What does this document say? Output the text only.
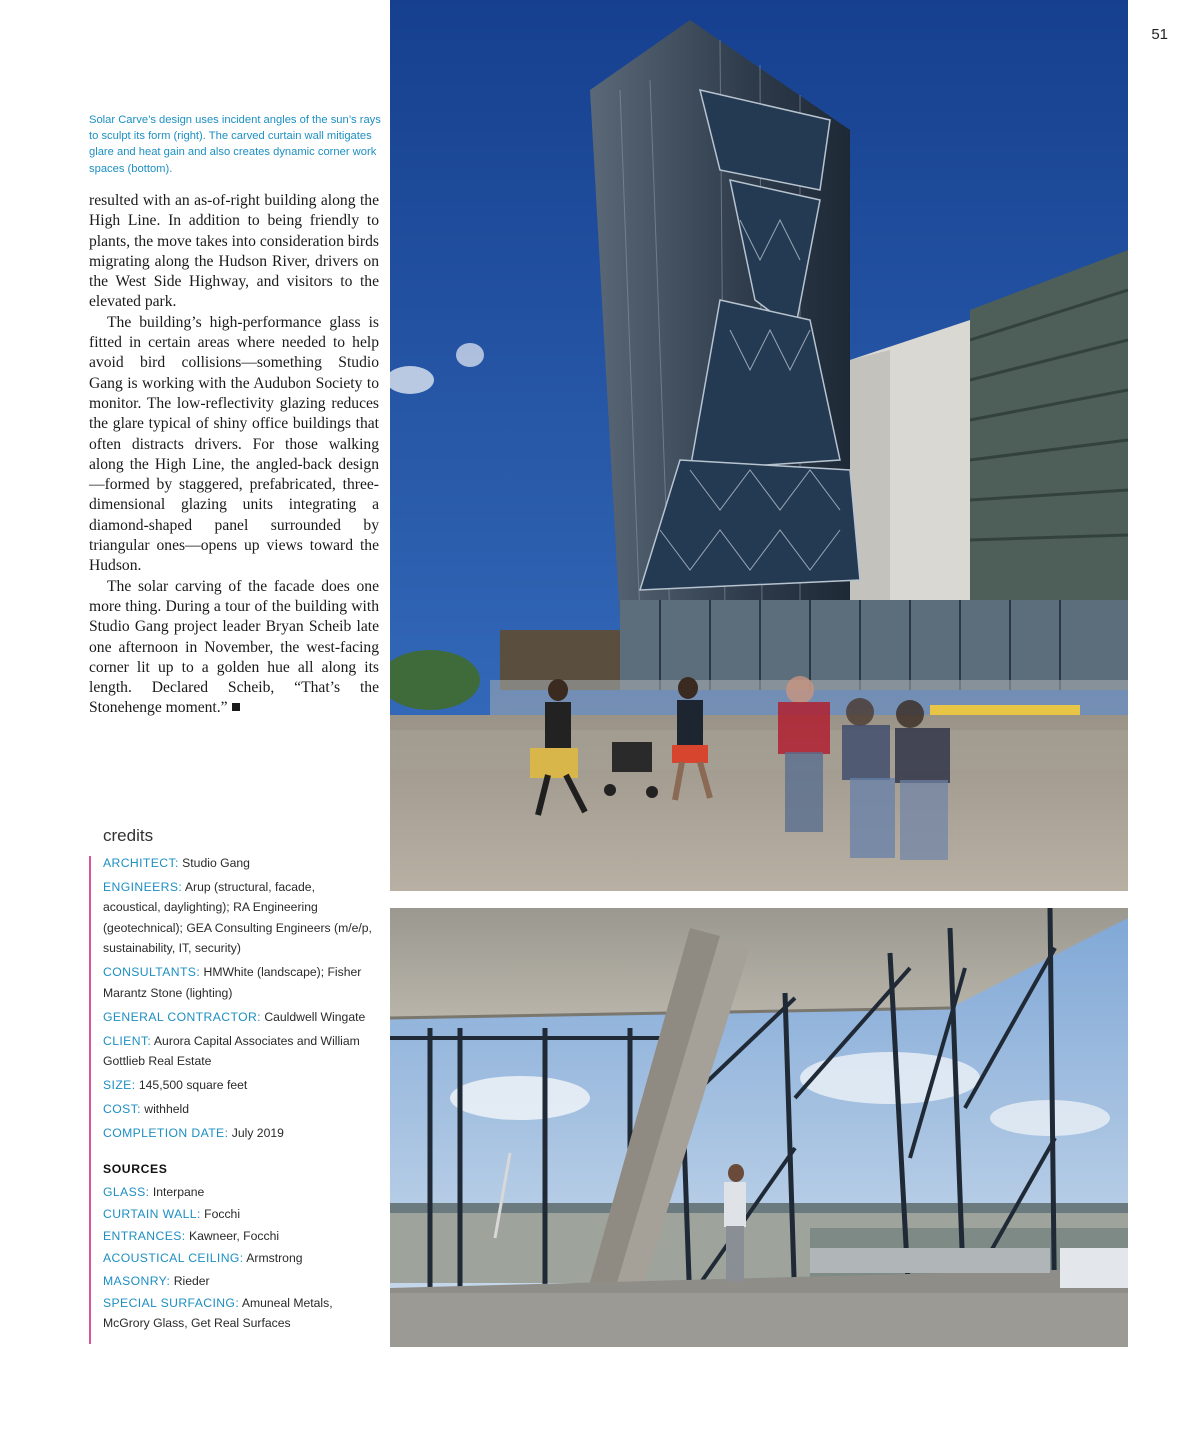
51
Solar Carve’s design uses incident angles of the sun’s rays to sculpt its form (right). The carved curtain wall mitigates glare and heat gain and also creates dynamic corner work spaces (bottom).

resulted with an as-of-right building along the High Line. In addition to being friendly to plants, the move takes into consideration birds migrating along the Hudson River, drivers on the West Side Highway, and visitors to the elevated park.

The building’s high-performance glass is fitted in certain areas where needed to help avoid bird collisions—something Studio Gang is working with the Audubon Society to monitor. The low-reflectivity glazing reduces the glare typical of shiny office buildings that often distracts drivers. For those walking along the High Line, the angled-back design—formed by staggered, prefabricated, three-dimensional glazing units integrating a diamond-shaped panel surrounded by triangular ones—opens up views toward the Hudson.

The solar carving of the facade does one more thing. During a tour of the building with Studio Gang project leader Bryan Scheib late one afternoon in November, the west-facing corner lit up to a golden hue all along its length. Declared Scheib, “That’s the Stonehenge moment.”

credits
ARCHITECT: Studio Gang
ENGINEERS: Arup (structural, facade, acoustical, daylighting); RA Engineering (geotechnical); GEA Consulting Engineers (m/e/p, sustainability, IT, security)
CONSULTANTS: HMWhite (landscape); Fisher Marantz Stone (lighting)
GENERAL CONTRACTOR: Cauldwell Wingate
CLIENT: Aurora Capital Associates and William Gottlieb Real Estate
SIZE: 145,500 square feet
COST: withheld
COMPLETION DATE: July 2019
SOURCES
GLASS: Interpane
CURTAIN WALL: Focchi
ENTRANCES: Kawneer, Focchi
ACOUSTICAL CEILING: Armstrong
MASONRY: Rieder
SPECIAL SURFACING: Amuneal Metals, McGrory Glass, Get Real Surfaces
